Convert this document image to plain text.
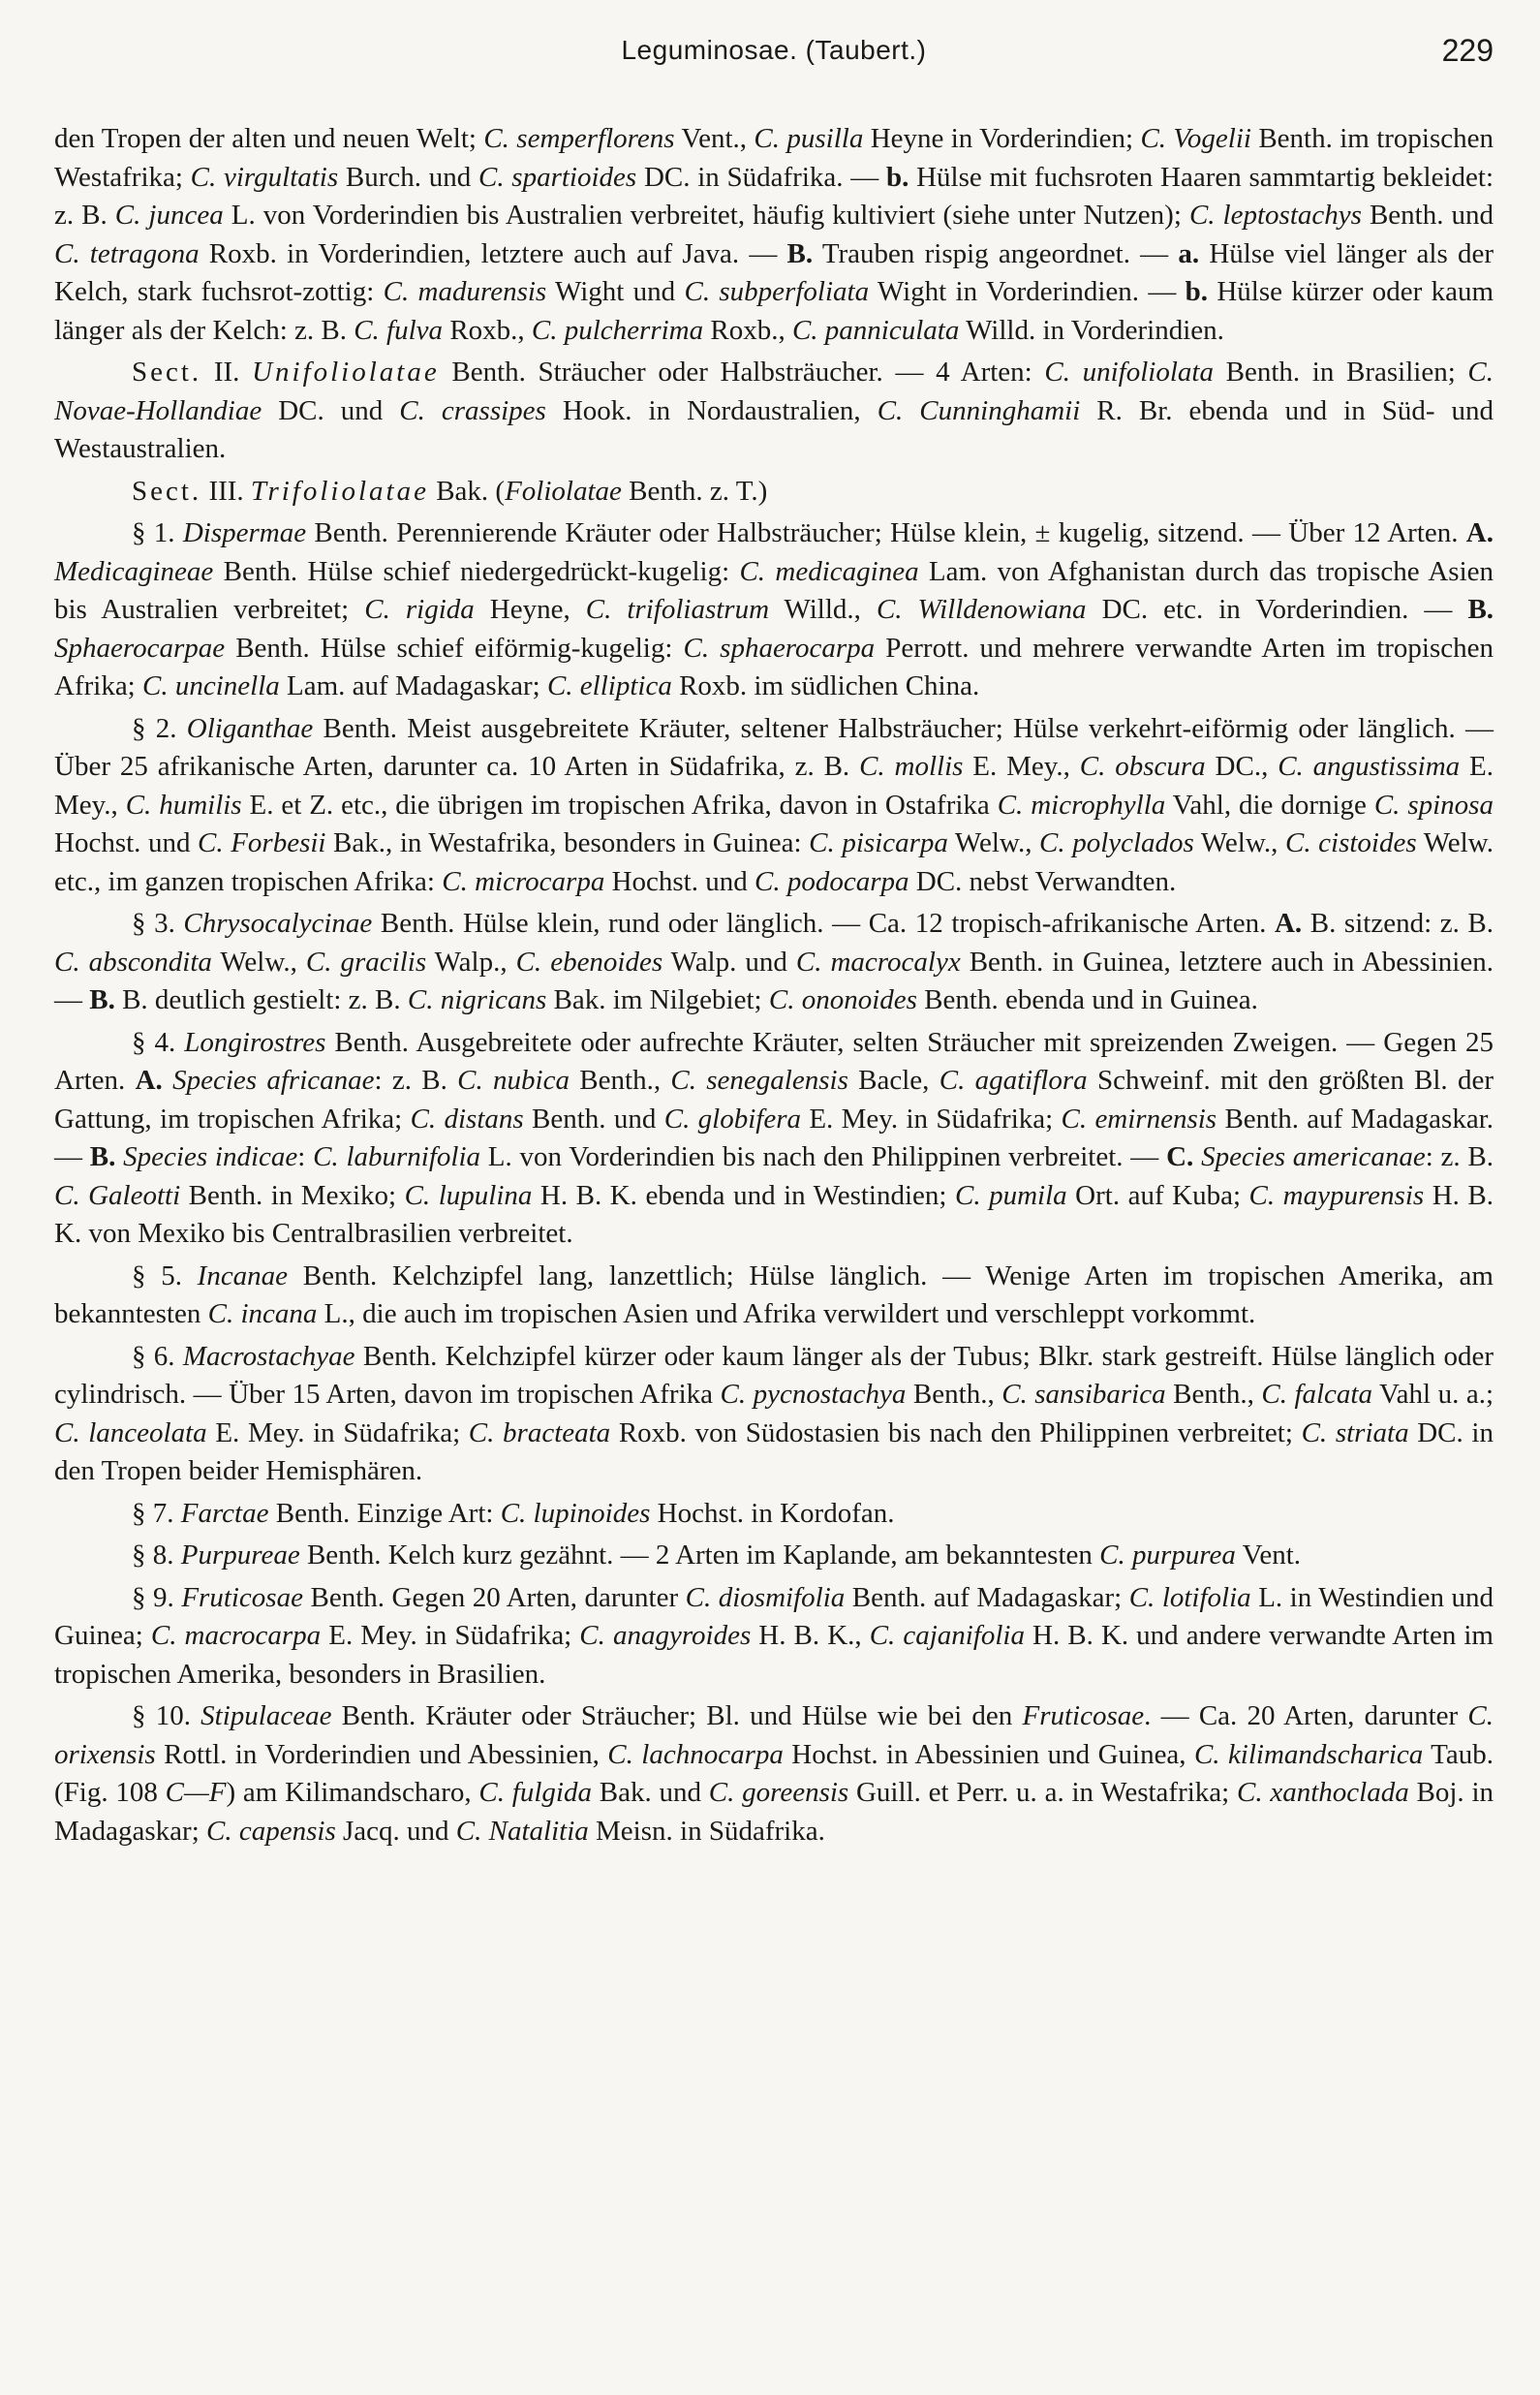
Leguminosae. (Taubert.)	229

den Tropen der alten und neuen Welt; C. semperflorens Vent., C. pusilla Heyne in Vorderindien; C. Vogelii Benth. im tropischen Westafrika; C. virgultatis Burch. und C. spartioides DC. in Südafrika. — b. Hülse mit fuchsroten Haaren sammtartig bekleidet: z. B. C. juncea L. von Vorderindien bis Australien verbreitet, häufig kultiviert (siehe unter Nutzen); C. leptostachys Benth. und C. tetragona Roxb. in Vorderindien, letztere auch auf Java. — B. Trauben rispig angeordnet. — a. Hülse viel länger als der Kelch, stark fuchsrot-zottig: C. madurensis Wight und C. subperfoliata Wight in Vorderindien. — b. Hülse kürzer oder kaum länger als der Kelch: z. B. C. fulva Roxb., C. pulcherrima Roxb., C. panniculata Willd. in Vorderindien.

Sect. II. Unifoliolatae Benth. Sträucher oder Halbsträucher. — 4 Arten: C. unifoliolata Benth. in Brasilien; C. Novae-Hollandiae DC. und C. crassipes Hook. in Nordaustralien, C. Cunninghamii R. Br. ebenda und in Süd- und Westaustralien.

Sect. III. Trifoliolatae Bak. (Foliolatae Benth. z. T.)

§ 1. Dispermae Benth. Perennierende Kräuter oder Halbsträucher; Hülse klein, ± kugelig, sitzend. — Über 12 Arten. A. Medicagineae Benth. Hülse schief niedergedrückt-kugelig: C. medicaginea Lam. von Afghanistan durch das tropische Asien bis Australien verbreitet; C. rigida Heyne, C. trifoliastrum Willd., C. Willdenowiana DC. etc. in Vorderindien. — B. Sphaerocarpae Benth. Hülse schief eiförmig-kugelig: C. sphaerocarpa Perrott. und mehrere verwandte Arten im tropischen Afrika; C. uncinella Lam. auf Madagaskar; C. elliptica Roxb. im südlichen China.

§ 2. Oliganthae Benth. Meist ausgebreitete Kräuter, seltener Halbsträucher; Hülse verkehrt-eiförmig oder länglich. — Über 25 afrikanische Arten, darunter ca. 10 Arten in Südafrika, z. B. C. mollis E. Mey., C. obscura DC., C. angustissima E. Mey., C. humilis E. et Z. etc., die übrigen im tropischen Afrika, davon in Ostafrika C. microphylla Vahl, die dornige C. spinosa Hochst. und C. Forbesii Bak., in Westafrika, besonders in Guinea: C. pisicarpa Welw., C. polyclados Welw., C. cistoides Welw. etc., im ganzen tropischen Afrika: C. microcarpa Hochst. und C. podocarpa DC. nebst Verwandten.

§ 3. Chrysocalycinae Benth. Hülse klein, rund oder länglich. — Ca. 12 tropisch-afrikanische Arten. A. B. sitzend: z. B. C. abscondita Welw., C. gracilis Walp., C. ebenoides Walp. und C. macrocalyx Benth. in Guinea, letztere auch in Abessinien. — B. B. deutlich gestielt: z. B. C. nigricans Bak. im Nilgebiet; C. ononoides Benth. ebenda und in Guinea.

§ 4. Longirostres Benth. Ausgebreitete oder aufrechte Kräuter, selten Sträucher mit spreizenden Zweigen. — Gegen 25 Arten. A. Species africanae: z. B. C. nubica Benth., C. senegalensis Bacle, C. agatiflora Schweinf. mit den größten Bl. der Gattung, im tropischen Afrika; C. distans Benth. und C. globifera E. Mey. in Südafrika; C. emirnensis Benth. auf Madagaskar. — B. Species indicae: C. laburnifolia L. von Vorderindien bis nach den Philippinen verbreitet. — C. Species americanae: z. B. C. Galeotti Benth. in Mexiko; C. lupulina H. B. K. ebenda und in Westindien; C. pumila Ort. auf Kuba; C. maypurensis H. B. K. von Mexiko bis Centralbrasilien verbreitet.

§ 5. Incanae Benth. Kelchzipfel lang, lanzettlich; Hülse länglich. — Wenige Arten im tropischen Amerika, am bekanntesten C. incana L., die auch im tropischen Asien und Afrika verwildert und verschleppt vorkommt.

§ 6. Macrostachyae Benth. Kelchzipfel kürzer oder kaum länger als der Tubus; Blkr. stark gestreift. Hülse länglich oder cylindrisch. — Über 15 Arten, davon im tropischen Afrika C. pycnostachya Benth., C. sansibarica Benth., C. falcata Vahl u. a.; C. lanceolata E. Mey. in Südafrika; C. bracteata Roxb. von Südostasien bis nach den Philippinen verbreitet; C. striata DC. in den Tropen beider Hemisphären.

§ 7. Farctae Benth. Einzige Art: C. lupinoides Hochst. in Kordofan.

§ 8. Purpureae Benth. Kelch kurz gezähnt. — 2 Arten im Kaplande, am bekanntesten C. purpurea Vent.

§ 9. Fruticosae Benth. Gegen 20 Arten, darunter C. diosmifolia Benth. auf Madagaskar; C. lotifolia L. in Westindien und Guinea; C. macrocarpa E. Mey. in Südafrika; C. anagyroides H. B. K., C. cajanifolia H. B. K. und andere verwandte Arten im tropischen Amerika, besonders in Brasilien.

§ 10. Stipulaceae Benth. Kräuter oder Sträucher; Bl. und Hülse wie bei den Fruticosae. — Ca. 20 Arten, darunter C. orixensis Rottl. in Vorderindien und Abessinien, C. lachnocarpa Hochst. in Abessinien und Guinea, C. kilimandscharica Taub. (Fig. 108 C—F) am Kilimandscharo, C. fulgida Bak. und C. goreensis Guill. et Perr. u. a. in Westafrika; C. xanthoclada Boj. in Madagaskar; C. capensis Jacq. und C. Natalitia Meisn. in Südafrika.
